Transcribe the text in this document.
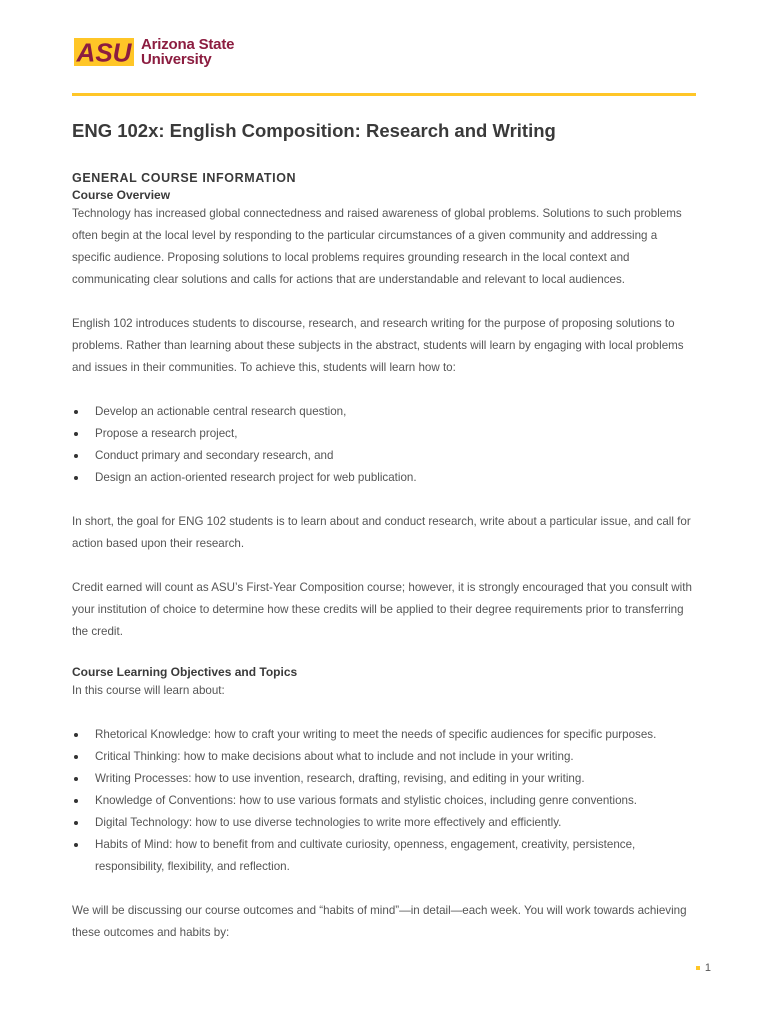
ASU Arizona State
University
ENG 102x: English Composition: Research and Writing
GENERAL COURSE INFORMATION
Course Overview

Technology has increased global connectedness and raised awareness of global problems. Solutions to such problems often begin at the local level by responding to the particular circumstances of a given community and addressing a specific audience. Proposing solutions to local problems requires grounding research in the local context and communicating clear solutions and calls for actions that are understandable and relevant to local audiences.

English 102 introduces students to discourse, research, and research writing for the purpose of proposing solutions to problems. Rather than learning about these subjects in the abstract, students will learn by engaging with local problems and issues in their communities. To achieve this, students will learn how to:

Develop an actionable central research question,
Propose a research project,
Conduct primary and secondary research, and
Design an action-oriented research project for web publication.

In short, the goal for ENG 102 students is to learn about and conduct research, write about a particular issue, and call for action based upon their research.

Credit earned will count as ASU’s First-Year Composition course; however, it is strongly encouraged that you consult with your institution of choice to determine how these credits will be applied to their degree requirements prior to transferring the credit.

Course Learning Objectives and Topics

In this course will learn about:

Rhetorical Knowledge: how to craft your writing to meet the needs of specific audiences for specific purposes.
Critical Thinking: how to make decisions about what to include and not include in your writing.
Writing Processes: how to use invention, research, drafting, revising, and editing in your writing.
Knowledge of Conventions: how to use various formats and stylistic choices, including genre conventions.
Digital Technology: how to use diverse technologies to write more effectively and efficiently.
Habits of Mind: how to benefit from and cultivate curiosity, openness, engagement, creativity, persistence, responsibility, flexibility, and reflection.

We will be discussing our course outcomes and “habits of mind”—in detail—each week. You will work towards achieving these outcomes and habits by:

1
